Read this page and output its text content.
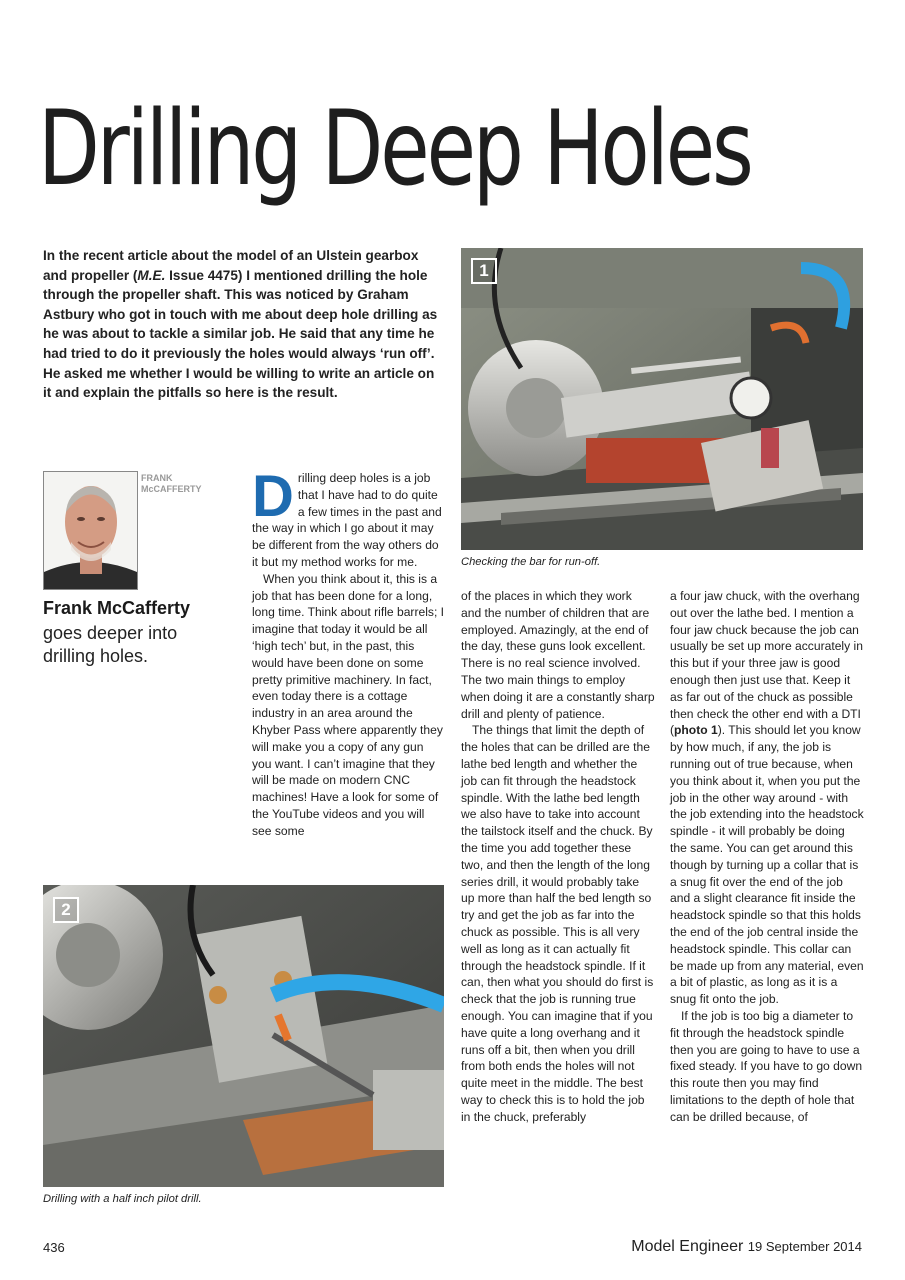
Drilling Deep Holes
In the recent article about the model of an Ulstein gearbox and propeller (M.E. Issue 4475) I mentioned drilling the hole through the propeller shaft. This was noticed by Graham Astbury who got in touch with me about deep hole drilling as he was about to tackle a similar job. He said that any time he had tried to do it previously the holes would always ‘run off’. He asked me whether I would be willing to write an article on it and explain the pitfalls so here is the result.
1
Checking the bar for run-off.
FRANK
McCAFFERTY
Frank McCafferty
goes deeper into drilling holes.
D rilling deep holes is a job that I have had to do quite a few times in the past and the way in which I go about it may be different from the way others do it but my method works for me.

When you think about it, this is a job that has been done for a long, long time. Think about rifle barrels; I imagine that today it would be all ‘high tech’ but, in the past, this would have been done on some pretty primitive machinery. In fact, even today there is a cottage industry in an area around the Khyber Pass where apparently they will make you a copy of any gun you want. I can’t imagine that they will be made on modern CNC machines! Have a look for some of the YouTube videos and you will see some

2
Drilling with a half inch pilot drill.

of the places in which they work and the number of children that are employed. Amazingly, at the end of the day, these guns look excellent. There is no real science involved. The two main things to employ when doing it are a constantly sharp drill and plenty of patience.

The things that limit the depth of the holes that can be drilled are the lathe bed length and whether the job can fit through the headstock spindle. With the lathe bed length we also have to take into account the tailstock itself and the chuck. By the time you add together these two, and then the length of the long series drill, it would probably take up more than half the bed length so try and get the job as far into the chuck as possible. This is all very well as long as it can actually fit through the headstock spindle. If it can, then what you should do first is check that the job is running true enough. You can imagine that if you have quite a long overhang and it runs off a bit, then when you drill from both ends the holes will not quite meet in the middle. The best way to check this is to hold the job in the chuck, preferably

a four jaw chuck, with the overhang out over the lathe bed. I mention a four jaw chuck because the job can usually be set up more accurately in this but if your three jaw is good enough then just use that. Keep it as far out of the chuck as possible then check the other end with a DTI (photo 1). This should let you know by how much, if any, the job is running out of true because, when you think about it, when you put the job in the other way around - with the job extending into the headstock spindle - it will probably be doing the same. You can get around this though by turning up a collar that is a snug fit over the end of the job and a slight clearance fit inside the headstock spindle so that this holds the end of the job central inside the headstock spindle. This collar can be made up from any material, even a bit of plastic, as long as it is a snug fit onto the job.

If the job is too big a diameter to fit through the headstock spindle then you are going to have to use a fixed steady. If you have to go down this route then you may find limitations to the depth of hole that can be drilled because, of

436	Model Engineer 19 September 2014
